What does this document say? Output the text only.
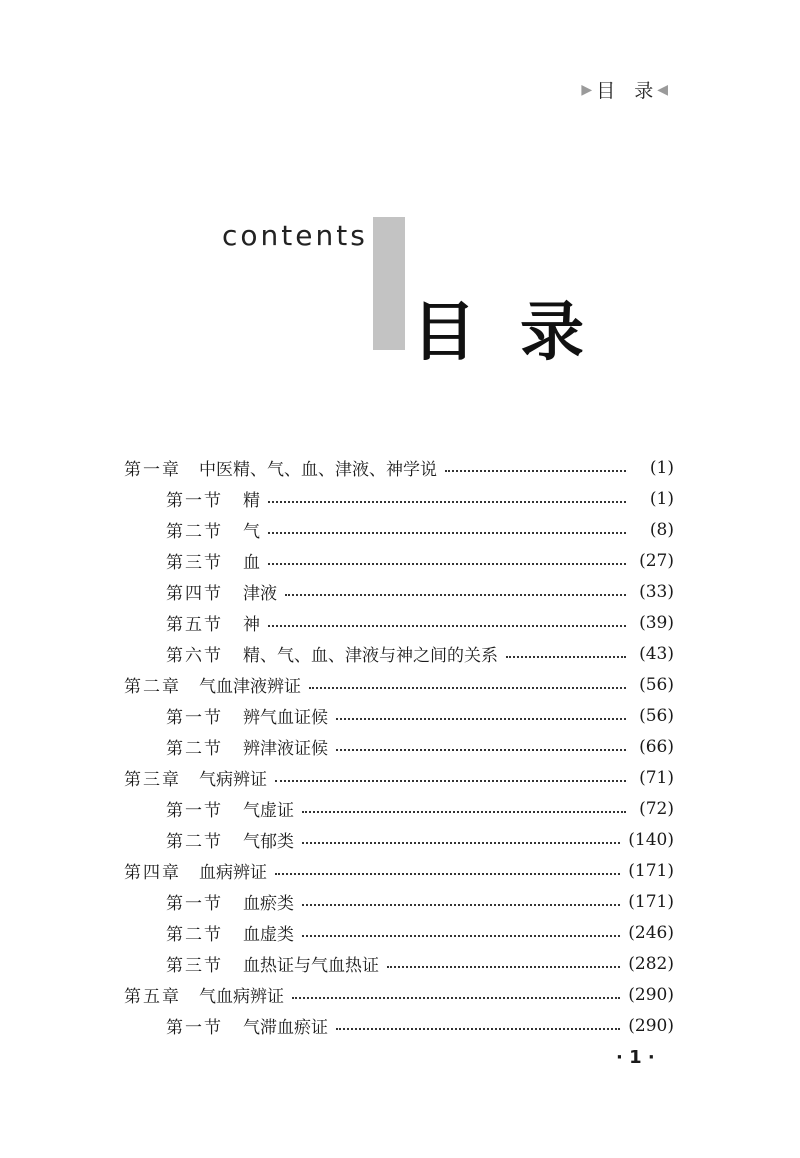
▶ 目　录 ◀
contents
目录
第一章 中医精、气、血、津液、神学说	(1)
第一节 精	(1)
第二节 气	(8)
第三节 血	(27)
第四节 津液	(33)
第五节 神	(39)
第六节 精、气、血、津液与神之间的关系	(43)
第二章 气血津液辨证	(56)
第一节 辨气血证候	(56)
第二节 辨津液证候	(66)
第三章 气病辨证	(71)
第一节 气虚证	(72)
第二节 气郁类	(140)
第四章 血病辨证	(171)
第一节 血瘀类	(171)
第二节 血虚类	(246)
第三节 血热证与气血热证	(282)
第五章 气血病辨证	(290)
第一节 气滞血瘀证	(290)
· 1 ·
